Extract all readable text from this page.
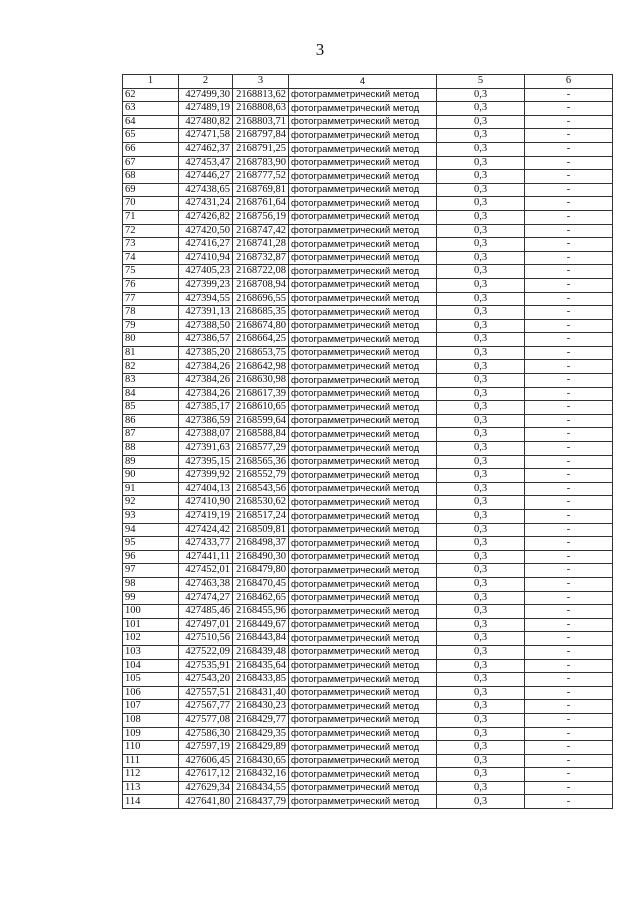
3
1	2	3	4	5	6
62	427499,30	2168813,62	фотограмметрический метод	0,3	-
63	427489,19	2168808,63	фотограмметрический метод	0,3	-
64	427480,82	2168803,71	фотограмметрический метод	0,3	-
65	427471,58	2168797,84	фотограмметрический метод	0,3	-
66	427462,37	2168791,25	фотограмметрический метод	0,3	-
67	427453,47	2168783,90	фотограмметрический метод	0,3	-
68	427446,27	2168777,52	фотограмметрический метод	0,3	-
69	427438,65	2168769,81	фотограмметрический метод	0,3	-
70	427431,24	2168761,64	фотограмметрический метод	0,3	-
71	427426,82	2168756,19	фотограмметрический метод	0,3	-
72	427420,50	2168747,42	фотограмметрический метод	0,3	-
73	427416,27	2168741,28	фотограмметрический метод	0,3	-
74	427410,94	2168732,87	фотограмметрический метод	0,3	-
75	427405,23	2168722,08	фотограмметрический метод	0,3	-
76	427399,23	2168708,94	фотограмметрический метод	0,3	-
77	427394,55	2168696,55	фотограмметрический метод	0,3	-
78	427391,13	2168685,35	фотограмметрический метод	0,3	-
79	427388,50	2168674,80	фотограмметрический метод	0,3	-
80	427386,57	2168664,25	фотограмметрический метод	0,3	-
81	427385,20	2168653,75	фотограмметрический метод	0,3	-
82	427384,26	2168642,98	фотограмметрический метод	0,3	-
83	427384,26	2168630,98	фотограмметрический метод	0,3	-
84	427384,26	2168617,39	фотограмметрический метод	0,3	-
85	427385,17	2168610,65	фотограмметрический метод	0,3	-
86	427386,59	2168599,64	фотограмметрический метод	0,3	-
87	427388,07	2168588,84	фотограмметрический метод	0,3	-
88	427391,63	2168577,29	фотограмметрический метод	0,3	-
89	427395,15	2168565,36	фотограмметрический метод	0,3	-
90	427399,92	2168552,79	фотограмметрический метод	0,3	-
91	427404,13	2168543,56	фотограмметрический метод	0,3	-
92	427410,90	2168530,62	фотограмметрический метод	0,3	-
93	427419,19	2168517,24	фотограмметрический метод	0,3	-
94	427424,42	2168509,81	фотограмметрический метод	0,3	-
95	427433,77	2168498,37	фотограмметрический метод	0,3	-
96	427441,11	2168490,30	фотограмметрический метод	0,3	-
97	427452,01	2168479,80	фотограмметрический метод	0,3	-
98	427463,38	2168470,45	фотограмметрический метод	0,3	-
99	427474,27	2168462,65	фотограмметрический метод	0,3	-
100	427485,46	2168455,96	фотограмметрический метод	0,3	-
101	427497,01	2168449,67	фотограмметрический метод	0,3	-
102	427510,56	2168443,84	фотограмметрический метод	0,3	-
103	427522,09	2168439,48	фотограмметрический метод	0,3	-
104	427535,91	2168435,64	фотограмметрический метод	0,3	-
105	427543,20	2168433,85	фотограмметрический метод	0,3	-
106	427557,51	2168431,40	фотограмметрический метод	0,3	-
107	427567,77	2168430,23	фотограмметрический метод	0,3	-
108	427577,08	2168429,77	фотограмметрический метод	0,3	-
109	427586,30	2168429,35	фотограмметрический метод	0,3	-
110	427597,19	2168429,89	фотограмметрический метод	0,3	-
111	427606,45	2168430,65	фотограмметрический метод	0,3	-
112	427617,12	2168432,16	фотограмметрический метод	0,3	-
113	427629,34	2168434,55	фотограмметрический метод	0,3	-
114	427641,80	2168437,79	фотограмметрический метод	0,3	-
